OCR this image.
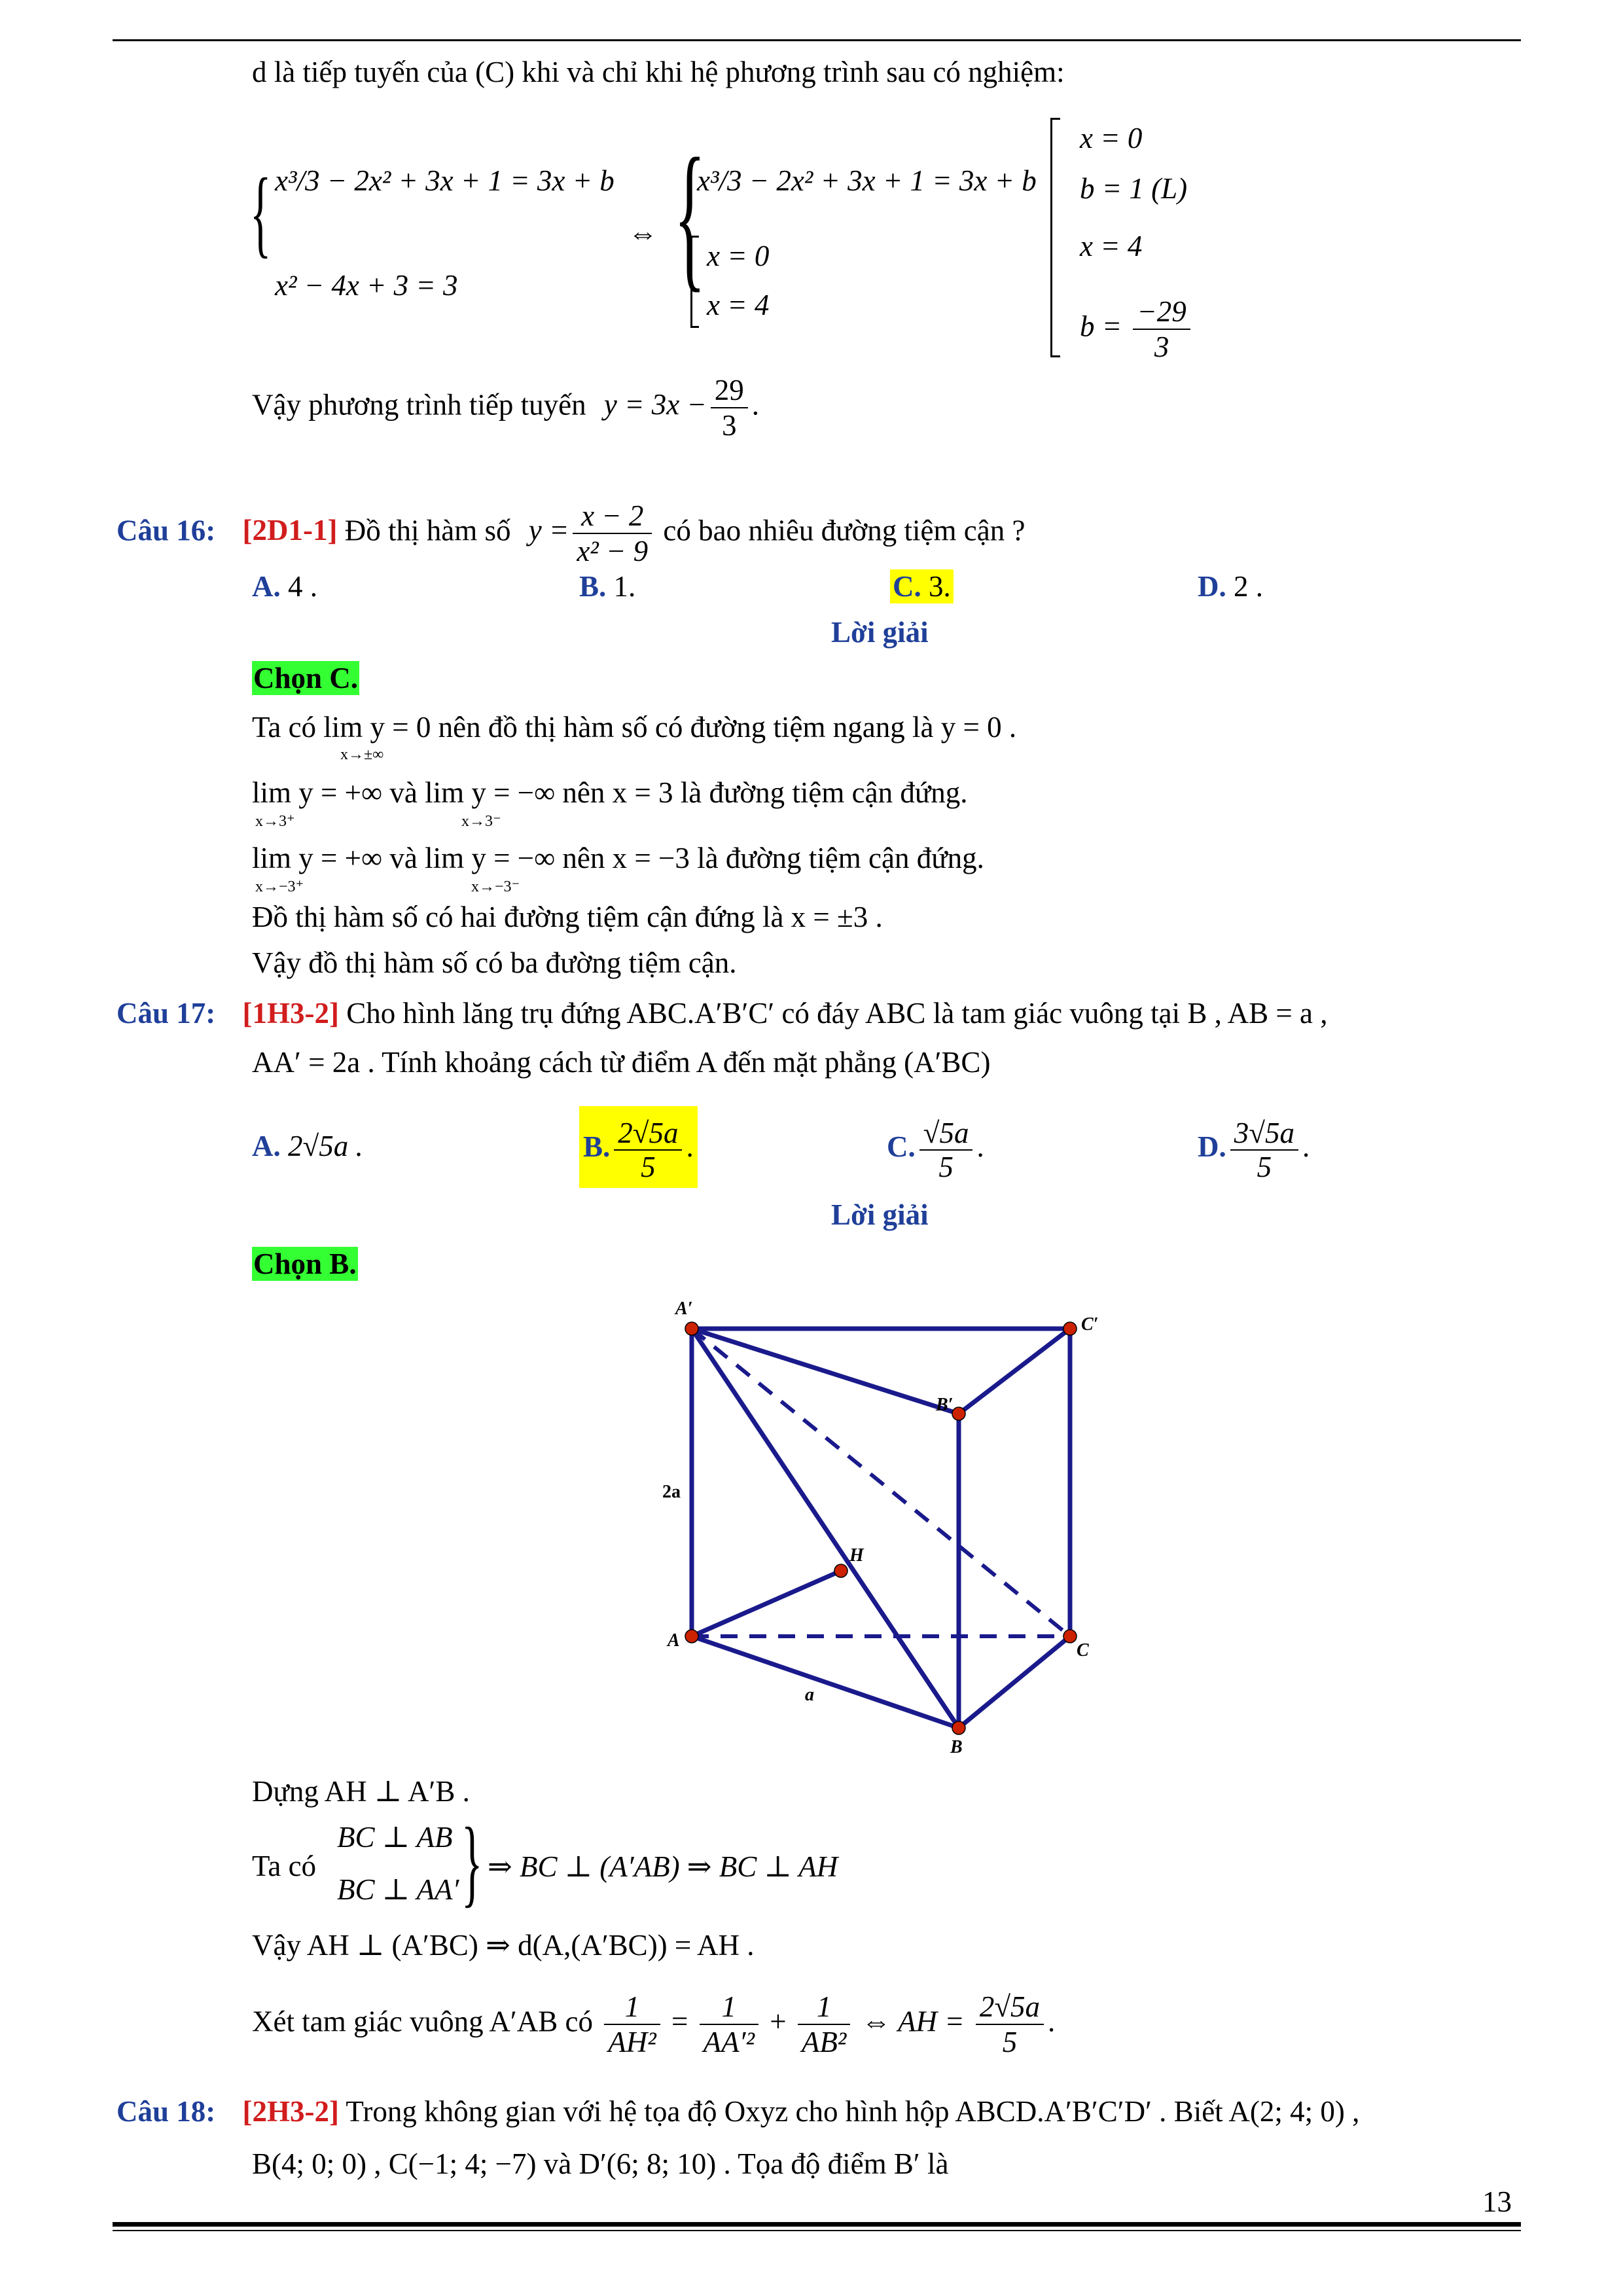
d là tiếp tuyến của (C) khi và chỉ khi hệ phương trình sau có nghiệm:
{ x³/3 − 2x² + 3x + 1 = 3x + b
x² − 4x + 3 = 3
⇔ {
x³/3 − 2x² + 3x + 1 = 3x + b
x = 0
x = 4
x = 0
b = 1 (L)
x = 4
$b = \frac{-29}{3}$
Vậy phương trình tiếp tuyến $y = 3x - \frac{29}{3}$ .
Câu 16: [2D1-1] Đồ thị hàm số $y = \frac{x - 2}{\text{x² − 9}}$ có bao nhiêu đường tiệm cận ?
A. 4 .	B. 1.	C. 3.	D. 2 .
Lời giải
Chọn C.
Ta có lim y = 0 nên đồ thị hàm số có đường tiệm ngang là y = 0 .
x→±∞
lim y = +∞ và lim y = −∞ nên x = 3 là đường tiệm cận đứng.
x→3⁺	x→3⁻
lim y = +∞ và lim y = −∞ nên x = −3 là đường tiệm cận đứng.
x→−3⁺	x→−3⁻
Đồ thị hàm số có hai đường tiệm cận đứng là x = ±3 .
Vậy đồ thị hàm số có ba đường tiệm cận.
Câu 17: [1H3-2] Cho hình lăng trụ đứng ABC.A′B′C′ có đáy ABC là tam giác vuông tại B , AB = a ,
AA′ = 2a . Tính khoảng cách từ điểm A đến mặt phẳng (A′BC)
A. 2√5a .	B. $\frac{2√5a}{5}$ .	C. $\frac{√5a}{5}$ .	D. $\frac{3√5a}{5}$ .
Lời giải
Chọn B.
A′
C′
B′
A	C
B
H
2a
a
Dựng AH ⊥ A′B .
Ta có
BC ⊥ AB
BC ⊥ AA′ } ⇒ BC ⊥ (A′AB) ⇒ BC ⊥ AH
Vậy AH ⊥ (A′BC) ⇒ d(A,(A′BC)) = AH .
Xét tam giác vuông A′AB có $\frac{1}{\text{AH²}} = \frac{1}{\text{AA′²}} + \frac{1}{\text{AB²}}$ ⇔ AH = $\frac{2√5a}{5}$ .
Câu 18: [2H3-2] Trong không gian với hệ tọa độ Oxyz cho hình hộp ABCD.A′B′C′D′ . Biết A(2; 4; 0) ,
B(4; 0; 0) , C(−1; 4; −7) và D′(6; 8; 10) . Tọa độ điểm B′ là
13
